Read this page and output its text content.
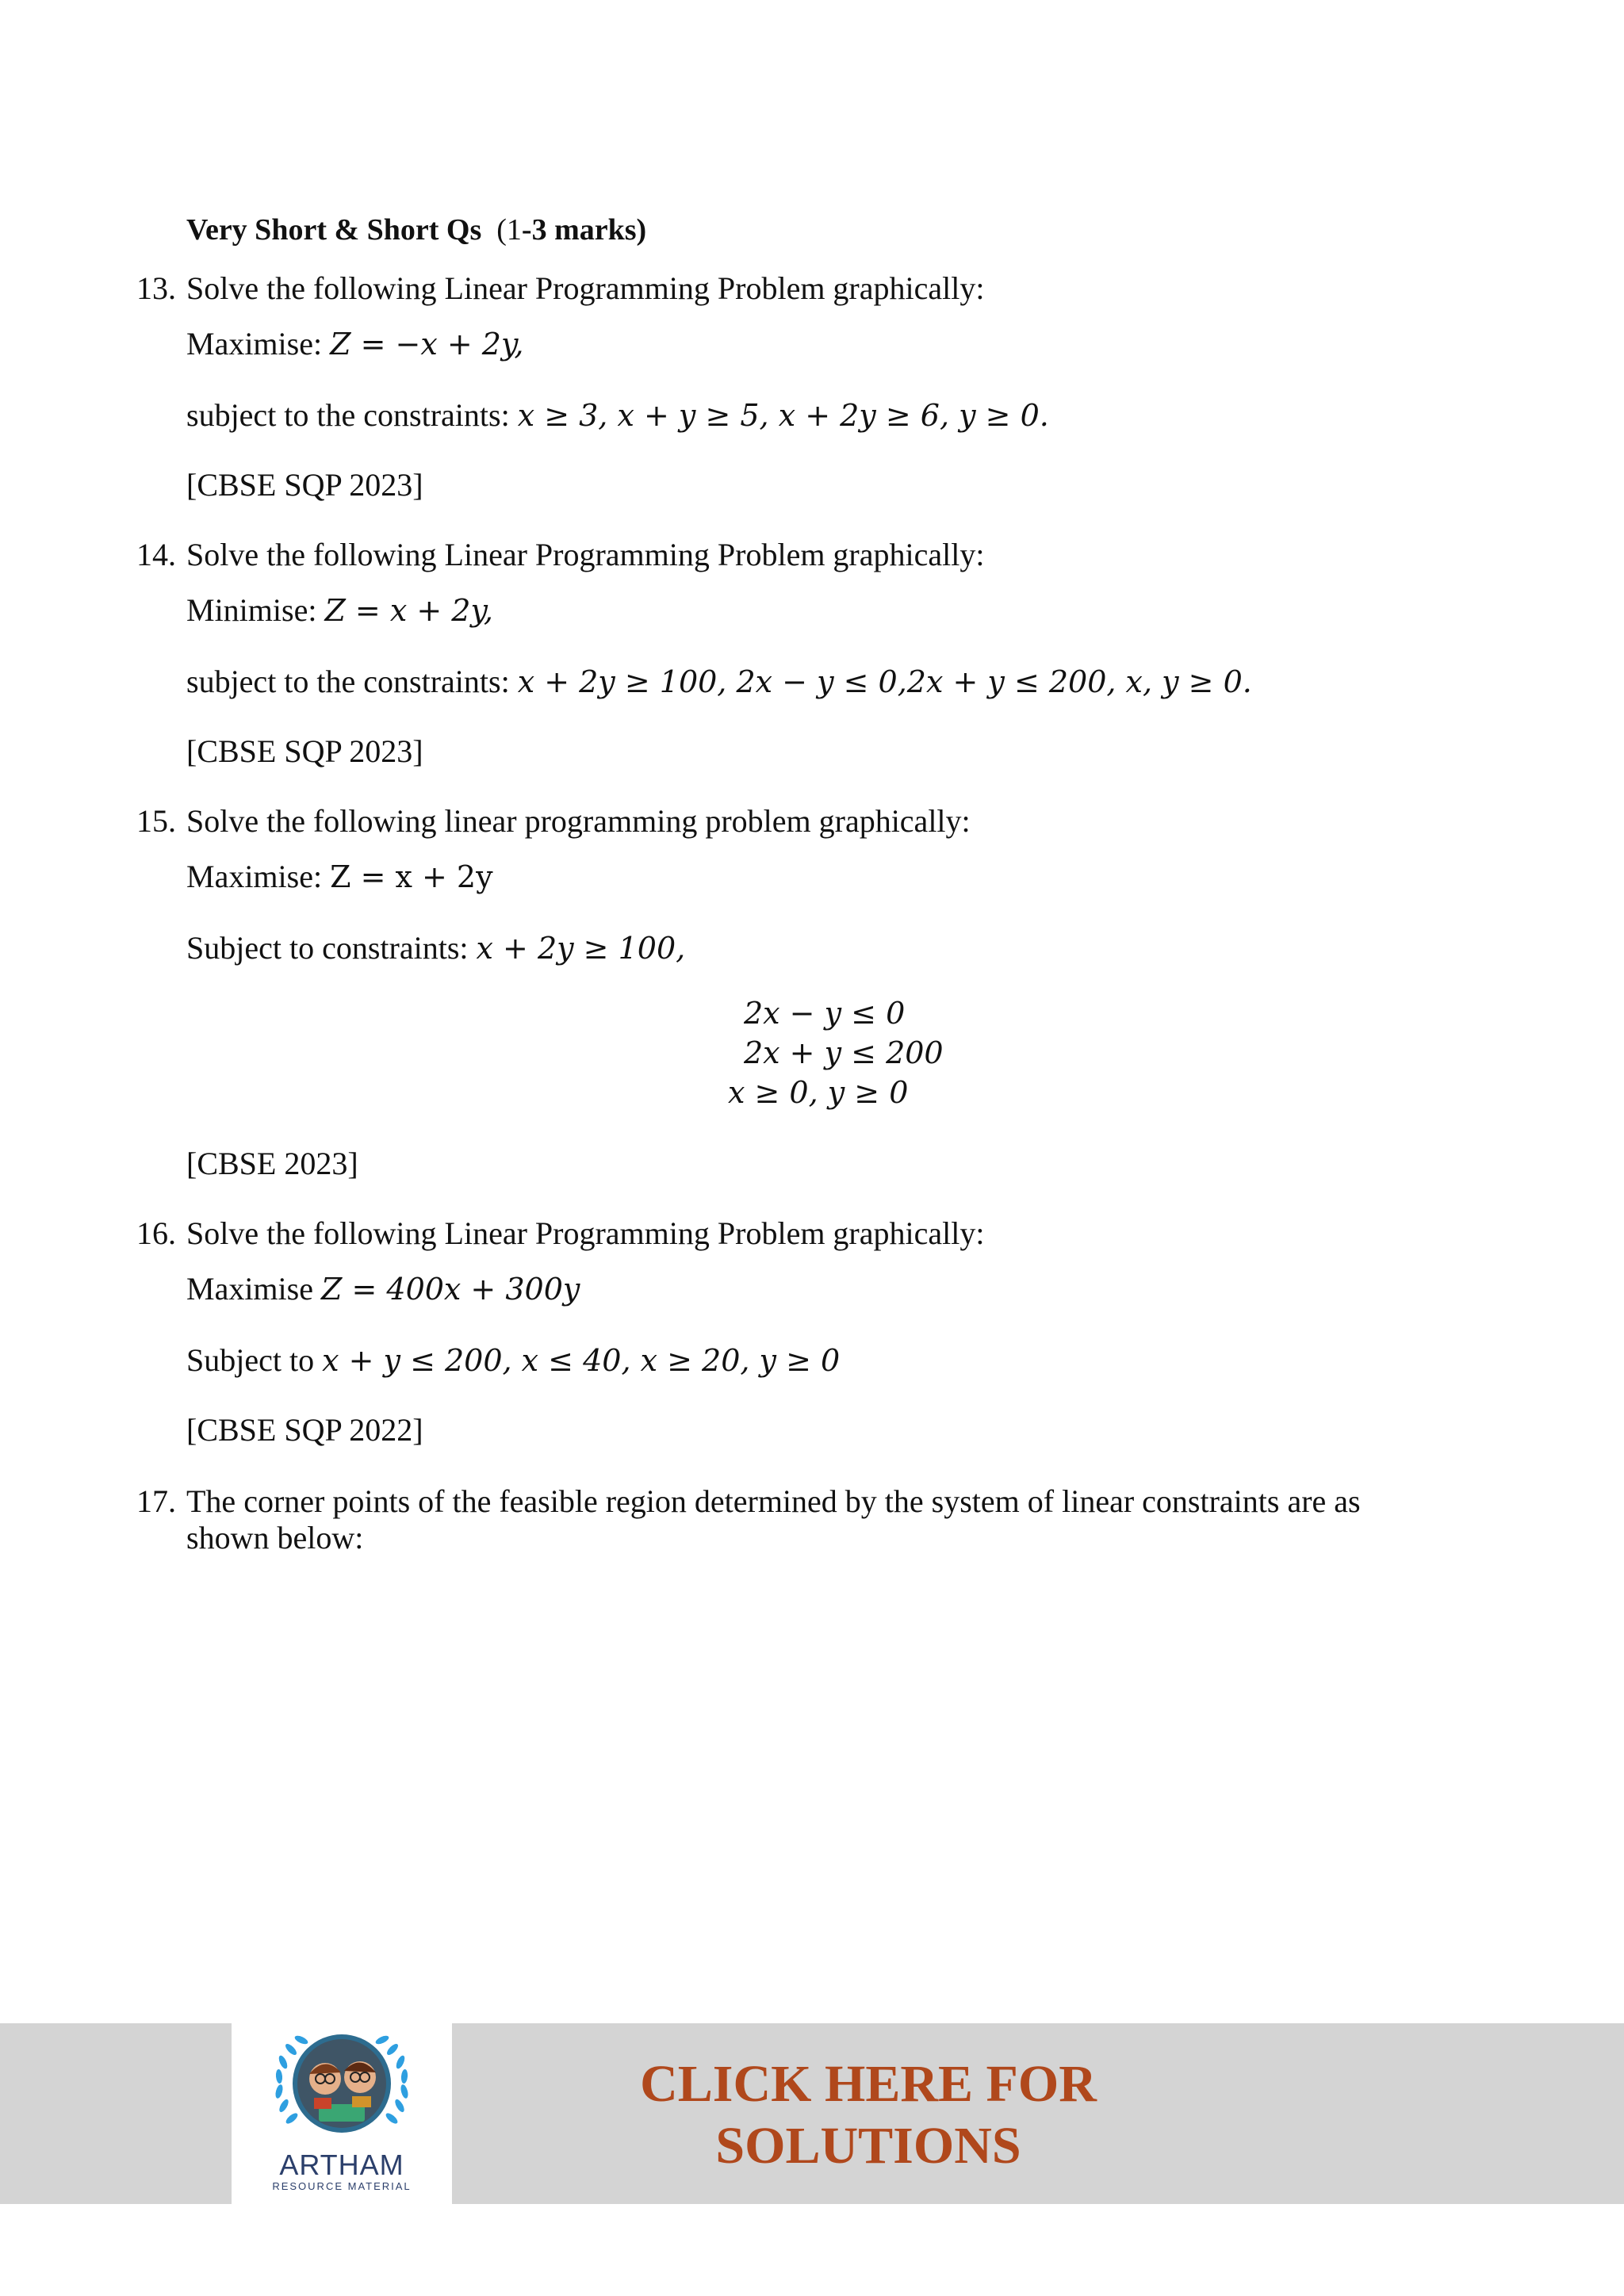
Very Short & Short Qs (1-3 marks)
13. Solve the following Linear Programming Problem graphically:
Maximise: Z = −x + 2y,
subject to the constraints: x ≥ 3, x + y ≥ 5, x + 2y ≥ 6, y ≥ 0.
[CBSE SQP 2023]
14. Solve the following Linear Programming Problem graphically:
Minimise: Z = x + 2y,
subject to the constraints: x + 2y ≥ 100, 2x − y ≤ 0,2x + y ≤ 200, x, y ≥ 0.
[CBSE SQP 2023]
15. Solve the following linear programming problem graphically:
Maximise: Z = x + 2y
Subject to constraints: x + 2y ≥ 100,
2x − y ≤ 0
2x + y ≤ 200
x ≥ 0, y ≥ 0
[CBSE 2023]
16. Solve the following Linear Programming Problem graphically:
Maximise Z = 400x + 300y
Subject to x + y ≤ 200, x ≤ 40, x ≥ 20, y ≥ 0
[CBSE SQP 2022]
17. The corner points of the feasible region determined by the system of linear constraints are as
shown below:
ARTHAM
RESOURCE MATERIAL
CLICK HERE FOR
SOLUTIONS
